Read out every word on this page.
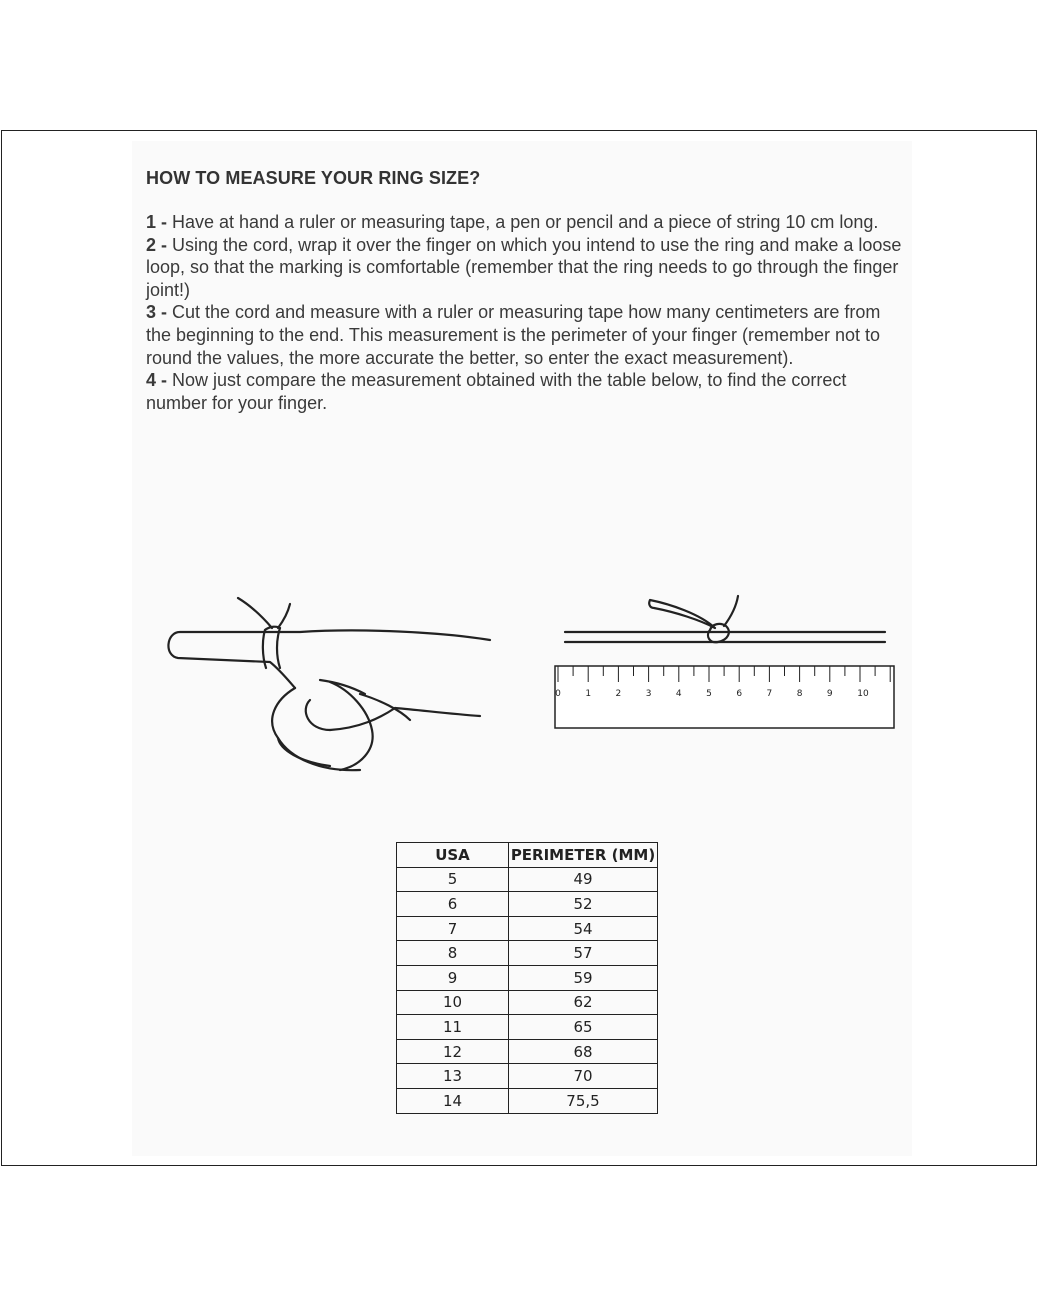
HOW TO MEASURE YOUR RING SIZE?

1 - Have at hand a ruler or measuring tape, a pen or pencil and a piece of string 10 cm long.

2 - Using the cord, wrap it over the finger on which you intend to use the ring and make a loose loop, so that the marking is comfortable (remember that the ring needs to go through the finger joint!)

3 - Cut the cord and measure with a ruler or measuring tape how many centimeters are from the beginning to the end. This measurement is the perimeter of your finger (remember not to round the values, the more accurate the better, so enter the exact measurement).

4 - Now just compare the measurement obtained with the table below, to find the correct number for your finger.

0	1	2	3	4	5	6	7	8	9	10
USA	PERIMETER (MM)
5	49
6	52
7	54
8	57
9	59
10	62
11	65
12	68
13	70
14	75,5
